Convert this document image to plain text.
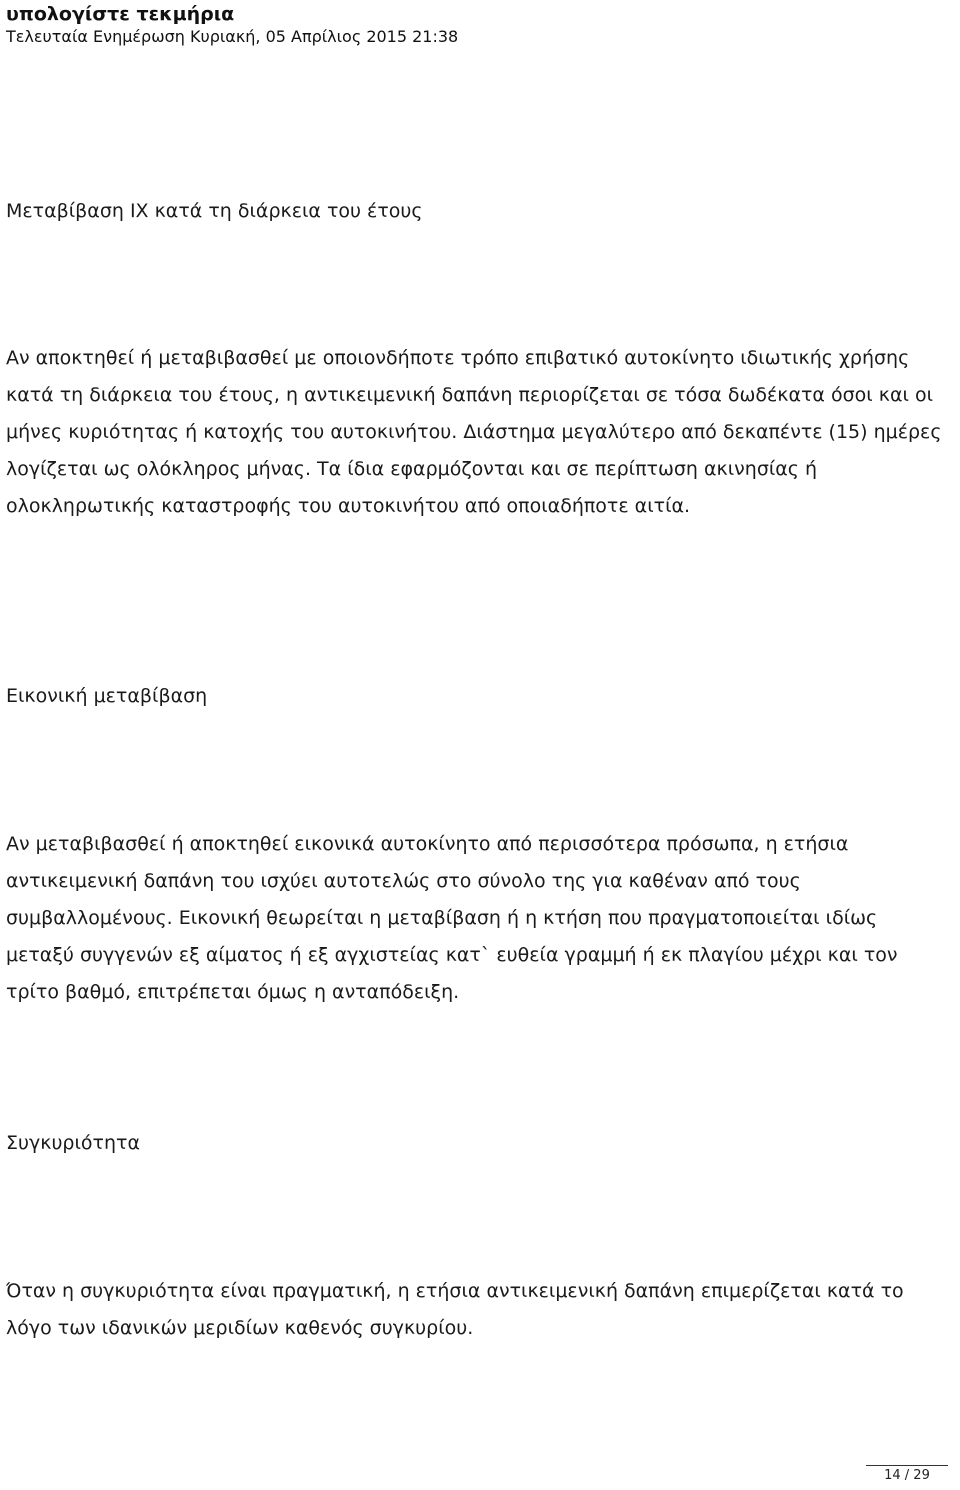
υπολογίστε τεκμήρια
Τελευταία Ενημέρωση Κυριακή, 05 Απρίλιος 2015 21:38
Μεταβίβαση ΙΧ κατά τη διάρκεια του έτους

Αν αποκτηθεί ή μεταβιβασθεί με οποιονδήποτε τρόπο επιβατικό αυτοκίνητο ιδιωτικής χρήσης κατά τη διάρκεια του έτους, η αντικειμενική δαπάνη περιορίζεται σε τόσα δωδέκατα όσοι και οι μήνες κυριότητας ή κατοχής του αυτοκινήτου. Διάστημα μεγαλύτερο από δεκαπέντε (15) ημέρες λογίζεται ως ολόκληρος μήνας. Τα ίδια εφαρμόζονται και σε περίπτωση ακινησίας ή ολοκληρωτικής καταστροφής του αυτοκινήτου από οποιαδήποτε αιτία.

Εικονική μεταβίβαση

Αν μεταβιβασθεί ή αποκτηθεί εικονικά αυτοκίνητο από περισσότερα πρόσωπα, η ετήσια αντικειμενική δαπάνη του ισχύει αυτοτελώς στο σύνολο της για καθέναν από τους συμβαλλομένους. Εικονική θεωρείται η μεταβίβαση ή η κτήση που πραγματοποιείται ιδίως μεταξύ συγγενών εξ αίματος ή εξ αγχιστείας κατ` ευθεία γραμμή ή εκ πλαγίου μέχρι και τον τρίτο βαθμό, επιτρέπεται όμως η ανταπόδειξη.

Συγκυριότητα

Όταν η συγκυριότητα είναι πραγματική, η ετήσια αντικειμενική δαπάνη επιμερίζεται κατά το λόγο των ιδανικών μεριδίων καθενός συγκυρίου.

14 / 29
